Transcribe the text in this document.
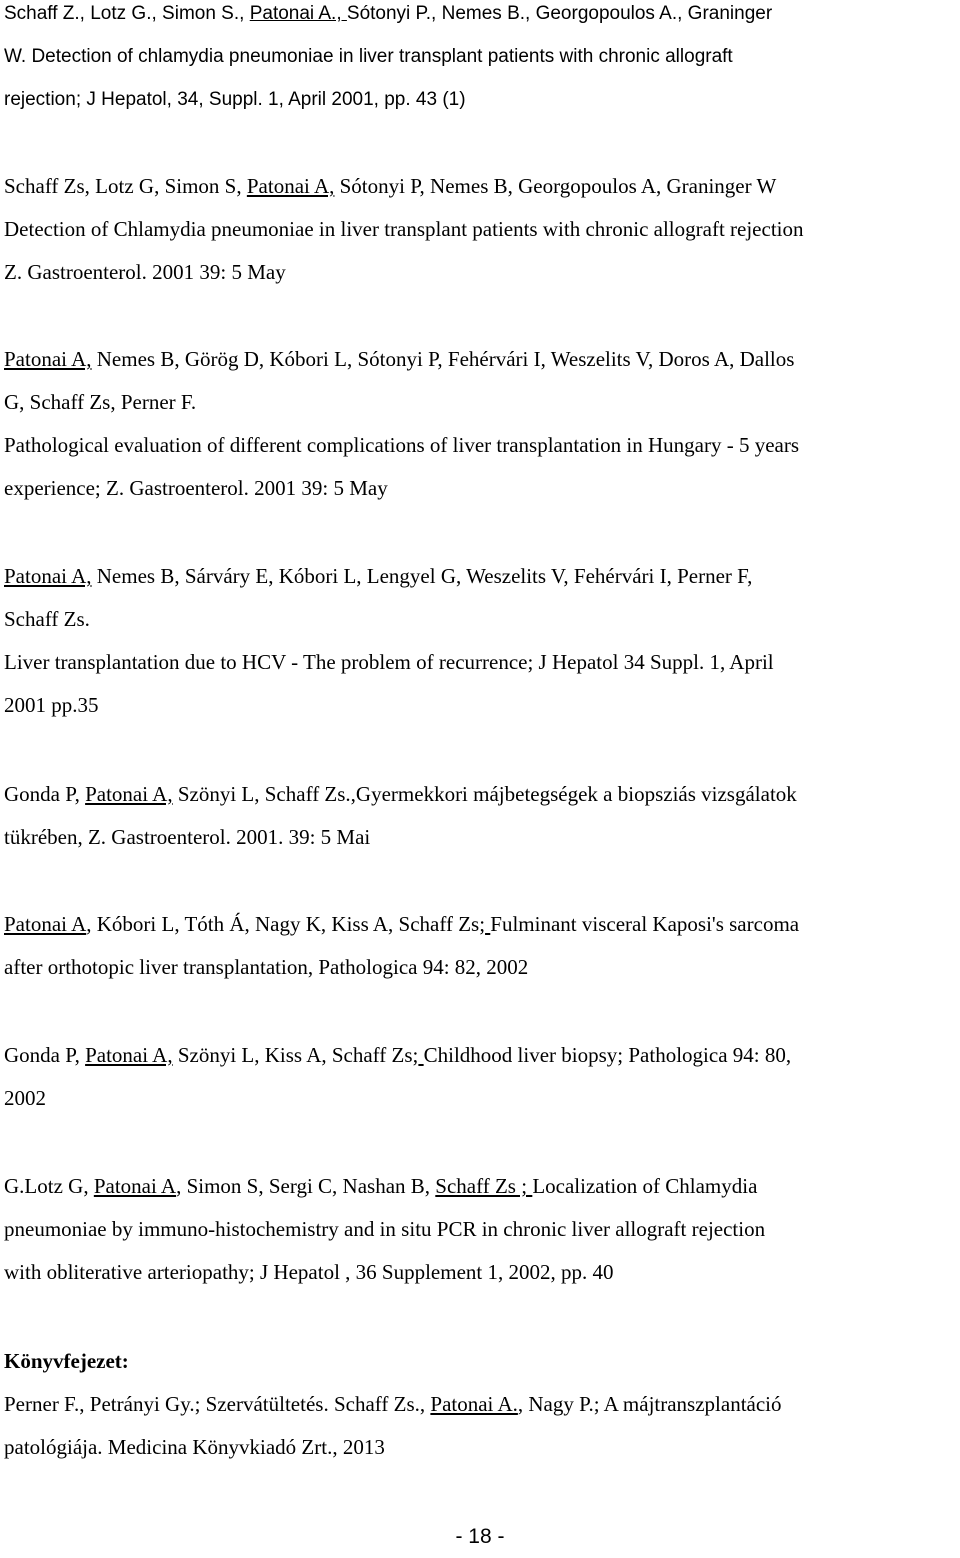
Schaff Z., Lotz G., Simon S., Patonai A., Sótonyi P., Nemes B., Georgopoulos A., Graninger
W. Detection of chlamydia pneumoniae in liver transplant patients with chronic allograft
rejection; J Hepatol, 34, Suppl. 1, April 2001, pp. 43 (1)

Schaff Zs, Lotz G, Simon S, Patonai A, Sótonyi P, Nemes B, Georgopoulos A, Graninger W
Detection of Chlamydia pneumoniae in liver transplant patients with chronic allograft rejection
Z. Gastroenterol. 2001 39: 5 May

Patonai A, Nemes B, Görög D, Kóbori L, Sótonyi P, Fehérvári I, Weszelits V, Doros A, Dallos
G, Schaff Zs, Perner F.
Pathological evaluation of different complications of liver transplantation in Hungary - 5 years
experience; Z. Gastroenterol. 2001 39: 5 May

Patonai A, Nemes B, Sárváry E, Kóbori L, Lengyel G, Weszelits V, Fehérvári I, Perner F,
Schaff Zs.
Liver transplantation due to HCV - The problem of recurrence; J Hepatol 34 Suppl. 1, April
2001 pp.35

Gonda P, Patonai A, Szönyi L, Schaff Zs.,Gyermekkori májbetegségek a biopsziás vizsgálatok
tükrében, Z. Gastroenterol. 2001. 39: 5 Mai

Patonai A, Kóbori L, Tóth Á, Nagy K, Kiss A, Schaff Zs; Fulminant visceral Kaposi's sarcoma
after orthotopic liver transplantation, Pathologica 94: 82, 2002

Gonda P, Patonai A, Szönyi L, Kiss A, Schaff Zs; Childhood liver biopsy; Pathologica 94: 80,
2002

G.Lotz G, Patonai A, Simon S, Sergi C, Nashan B, Schaff Zs ; Localization of Chlamydia
pneumoniae by immuno-histochemistry and in situ PCR in chronic liver allograft rejection
with obliterative arteriopathy; J Hepatol , 36 Supplement 1, 2002, pp. 40

Könyvfejezet:
Perner F., Petrányi Gy.; Szervátültetés. Schaff Zs., Patonai A., Nagy P.; A májtranszplantáció
patológiája. Medicina Könyvkiadó Zrt., 2013

- 18 -
